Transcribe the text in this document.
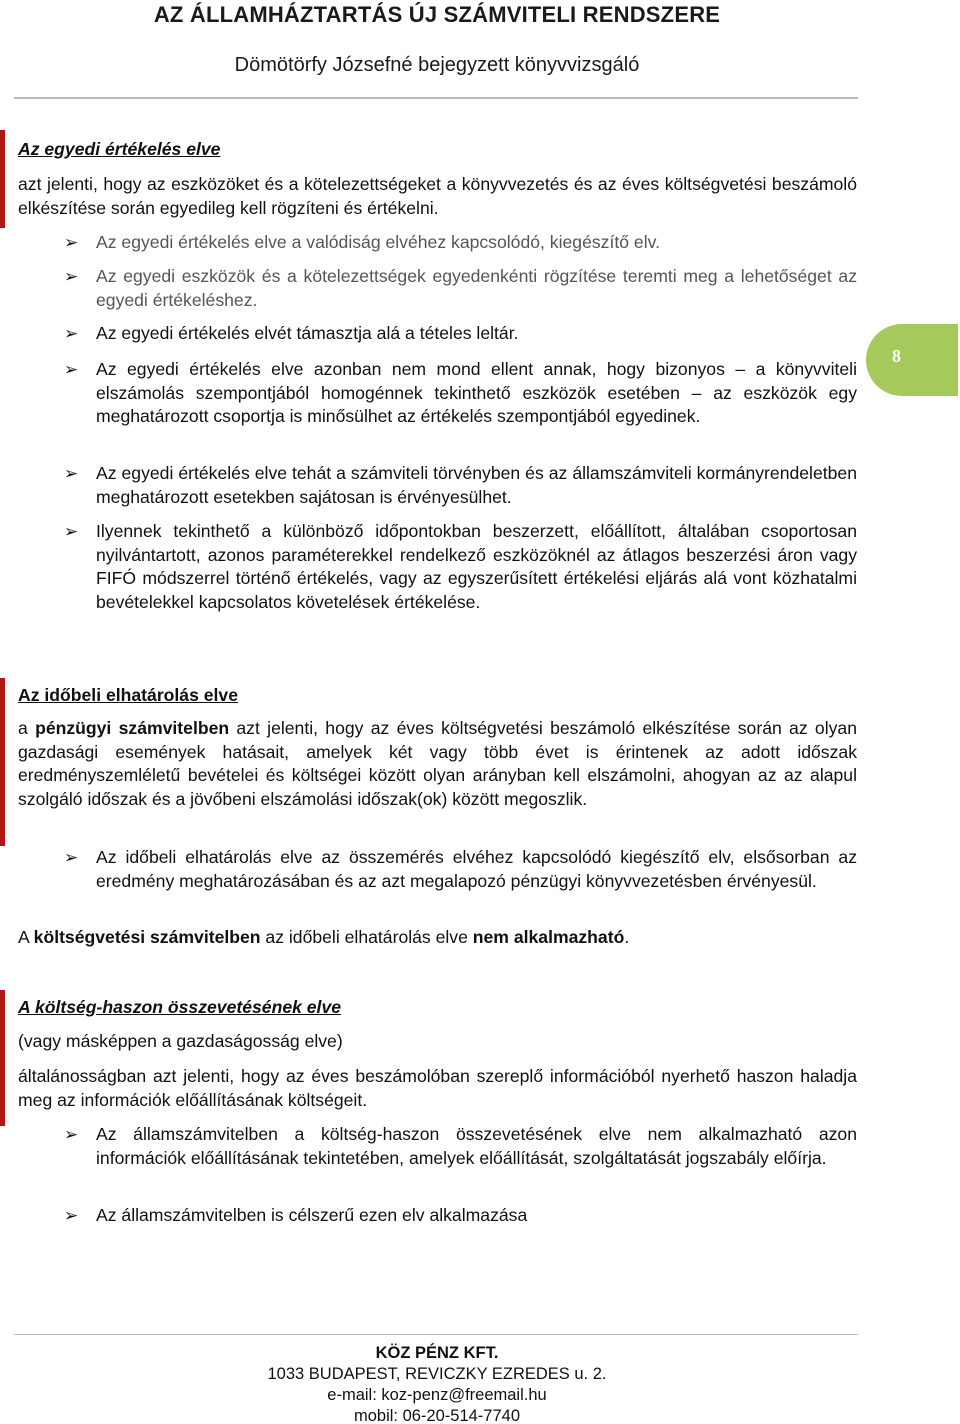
AZ ÁLLAMHÁZTARTÁS ÚJ SZÁMVITELI RENDSZERE
Dömötörfy Józsefné bejegyzett könyvvizsgáló
8
Az egyedi értékelés elve
azt jelenti, hogy az eszközöket és a kötelezettségeket a könyvvezetés és az éves költségvetési beszámoló elkészítése során egyedileg kell rögzíteni és értékelni.
➢ Az egyedi értékelés elve a valódiság elvéhez kapcsolódó, kiegészítő elv.
➢ Az egyedi eszközök és a kötelezettségek egyedenkénti rögzítése teremti meg a lehetőséget az egyedi értékeléshez.
➢ Az egyedi értékelés elvét támasztja alá a tételes leltár.
➢ Az egyedi értékelés elve azonban nem mond ellent annak, hogy bizonyos – a könyvviteli elszámolás szempontjából homogénnek tekinthető eszközök esetében – az eszközök egy meghatározott csoportja is minősülhet az értékelés szempontjából egyedinek.
➢ Az egyedi értékelés elve tehát a számviteli törvényben és az államszámviteli kormányrendeletben meghatározott esetekben sajátosan is érvényesülhet.
➢ Ilyennek tekinthető a különböző időpontokban beszerzett, előállított, általában csoportosan nyilvántartott, azonos paraméterekkel rendelkező eszközöknél az átlagos beszerzési áron vagy FIFÓ módszerrel történő értékelés, vagy az egyszerűsített értékelési eljárás alá vont közhatalmi bevételekkel kapcsolatos követelések értékelése.
Az időbeli elhatárolás elve
a pénzügyi számvitelben azt jelenti, hogy az éves költségvetési beszámoló elkészítése során az olyan gazdasági események hatásait, amelyek két vagy több évet is érintenek az adott időszak eredményszemléletű bevételei és költségei között olyan arányban kell elszámolni, ahogyan az az alapul szolgáló időszak és a jövőbeni elszámolási időszak(ok) között megoszlik.
➢ Az időbeli elhatárolás elve az összemérés elvéhez kapcsolódó kiegészítő elv, elsősorban az eredmény meghatározásában és az azt megalapozó pénzügyi könyvvezetésben érvényesül.
A költségvetési számvitelben az időbeli elhatárolás elve nem alkalmazható.
A költség-haszon összevetésének elve
(vagy másképpen a gazdaságosság elve)
általánosságban azt jelenti, hogy az éves beszámolóban szereplő információból nyerhető haszon haladja meg az információk előállításának költségeit.
➢ Az államszámvitelben a költség-haszon összevetésének elve nem alkalmazható azon információk előállításának tekintetében, amelyek előállítását, szolgáltatását jogszabály előírja.
➢ Az államszámvitelben is célszerű ezen elv alkalmazása
KÖZ PÉNZ KFT.
1033 BUDAPEST, REVICZKY EZREDES u. 2.
e-mail: koz-penz@freemail.hu
mobil: 06-20-514-7740
